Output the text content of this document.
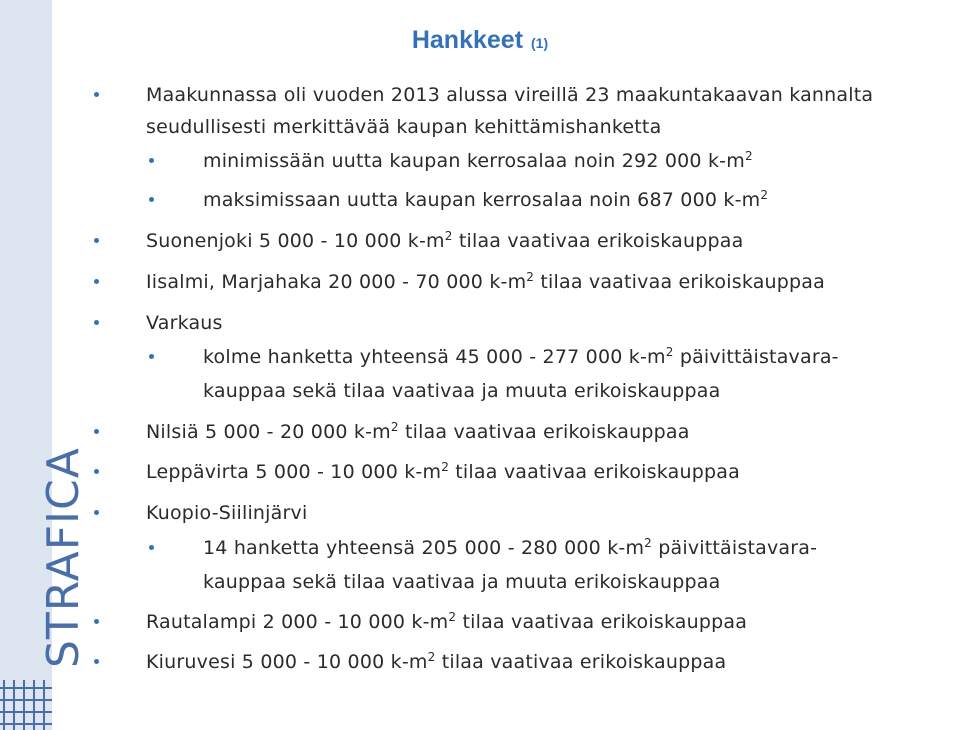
STRAFICA
Hankkeet (1)
Maakunnassa oli vuoden 2013 alussa vireillä 23 maakuntakaavan kannalta
seudullisesti merkittävää kaupan kehittämishanketta
minimissään uutta kaupan kerrosalaa noin 292 000 $k-m^2$
maksimissaan uutta kaupan kerrosalaa noin 687 000 $k-m^2$
Suonenjoki 5 000 - 10 000 $k-m^2$ tilaa vaativaa erikoiskauppaa
Iisalmi, Marjahaka 20 000 - 70 000 $k-m^2$ tilaa vaativaa erikoiskauppaa
Varkaus
kolme hanketta yhteensä 45 000 - 277 000 $k-m^2$ päivittäistavara-
kauppaa sekä tilaa vaativaa ja muuta erikoiskauppaa
Nilsiä 5 000 - 20 000 $k-m^2$ tilaa vaativaa erikoiskauppaa
Leppävirta 5 000 - 10 000 $k-m^2$ tilaa vaativaa erikoiskauppaa
Kuopio-Siilinjärvi
14 hanketta yhteensä 205 000 - 280 000 $k-m^2$ päivittäistavara-
kauppaa sekä tilaa vaativaa ja muuta erikoiskauppaa
Rautalampi 2 000 - 10 000 $k-m^2$ tilaa vaativaa erikoiskauppaa
Kiuruvesi 5 000 - 10 000 $k-m^2$ tilaa vaativaa erikoiskauppaa
